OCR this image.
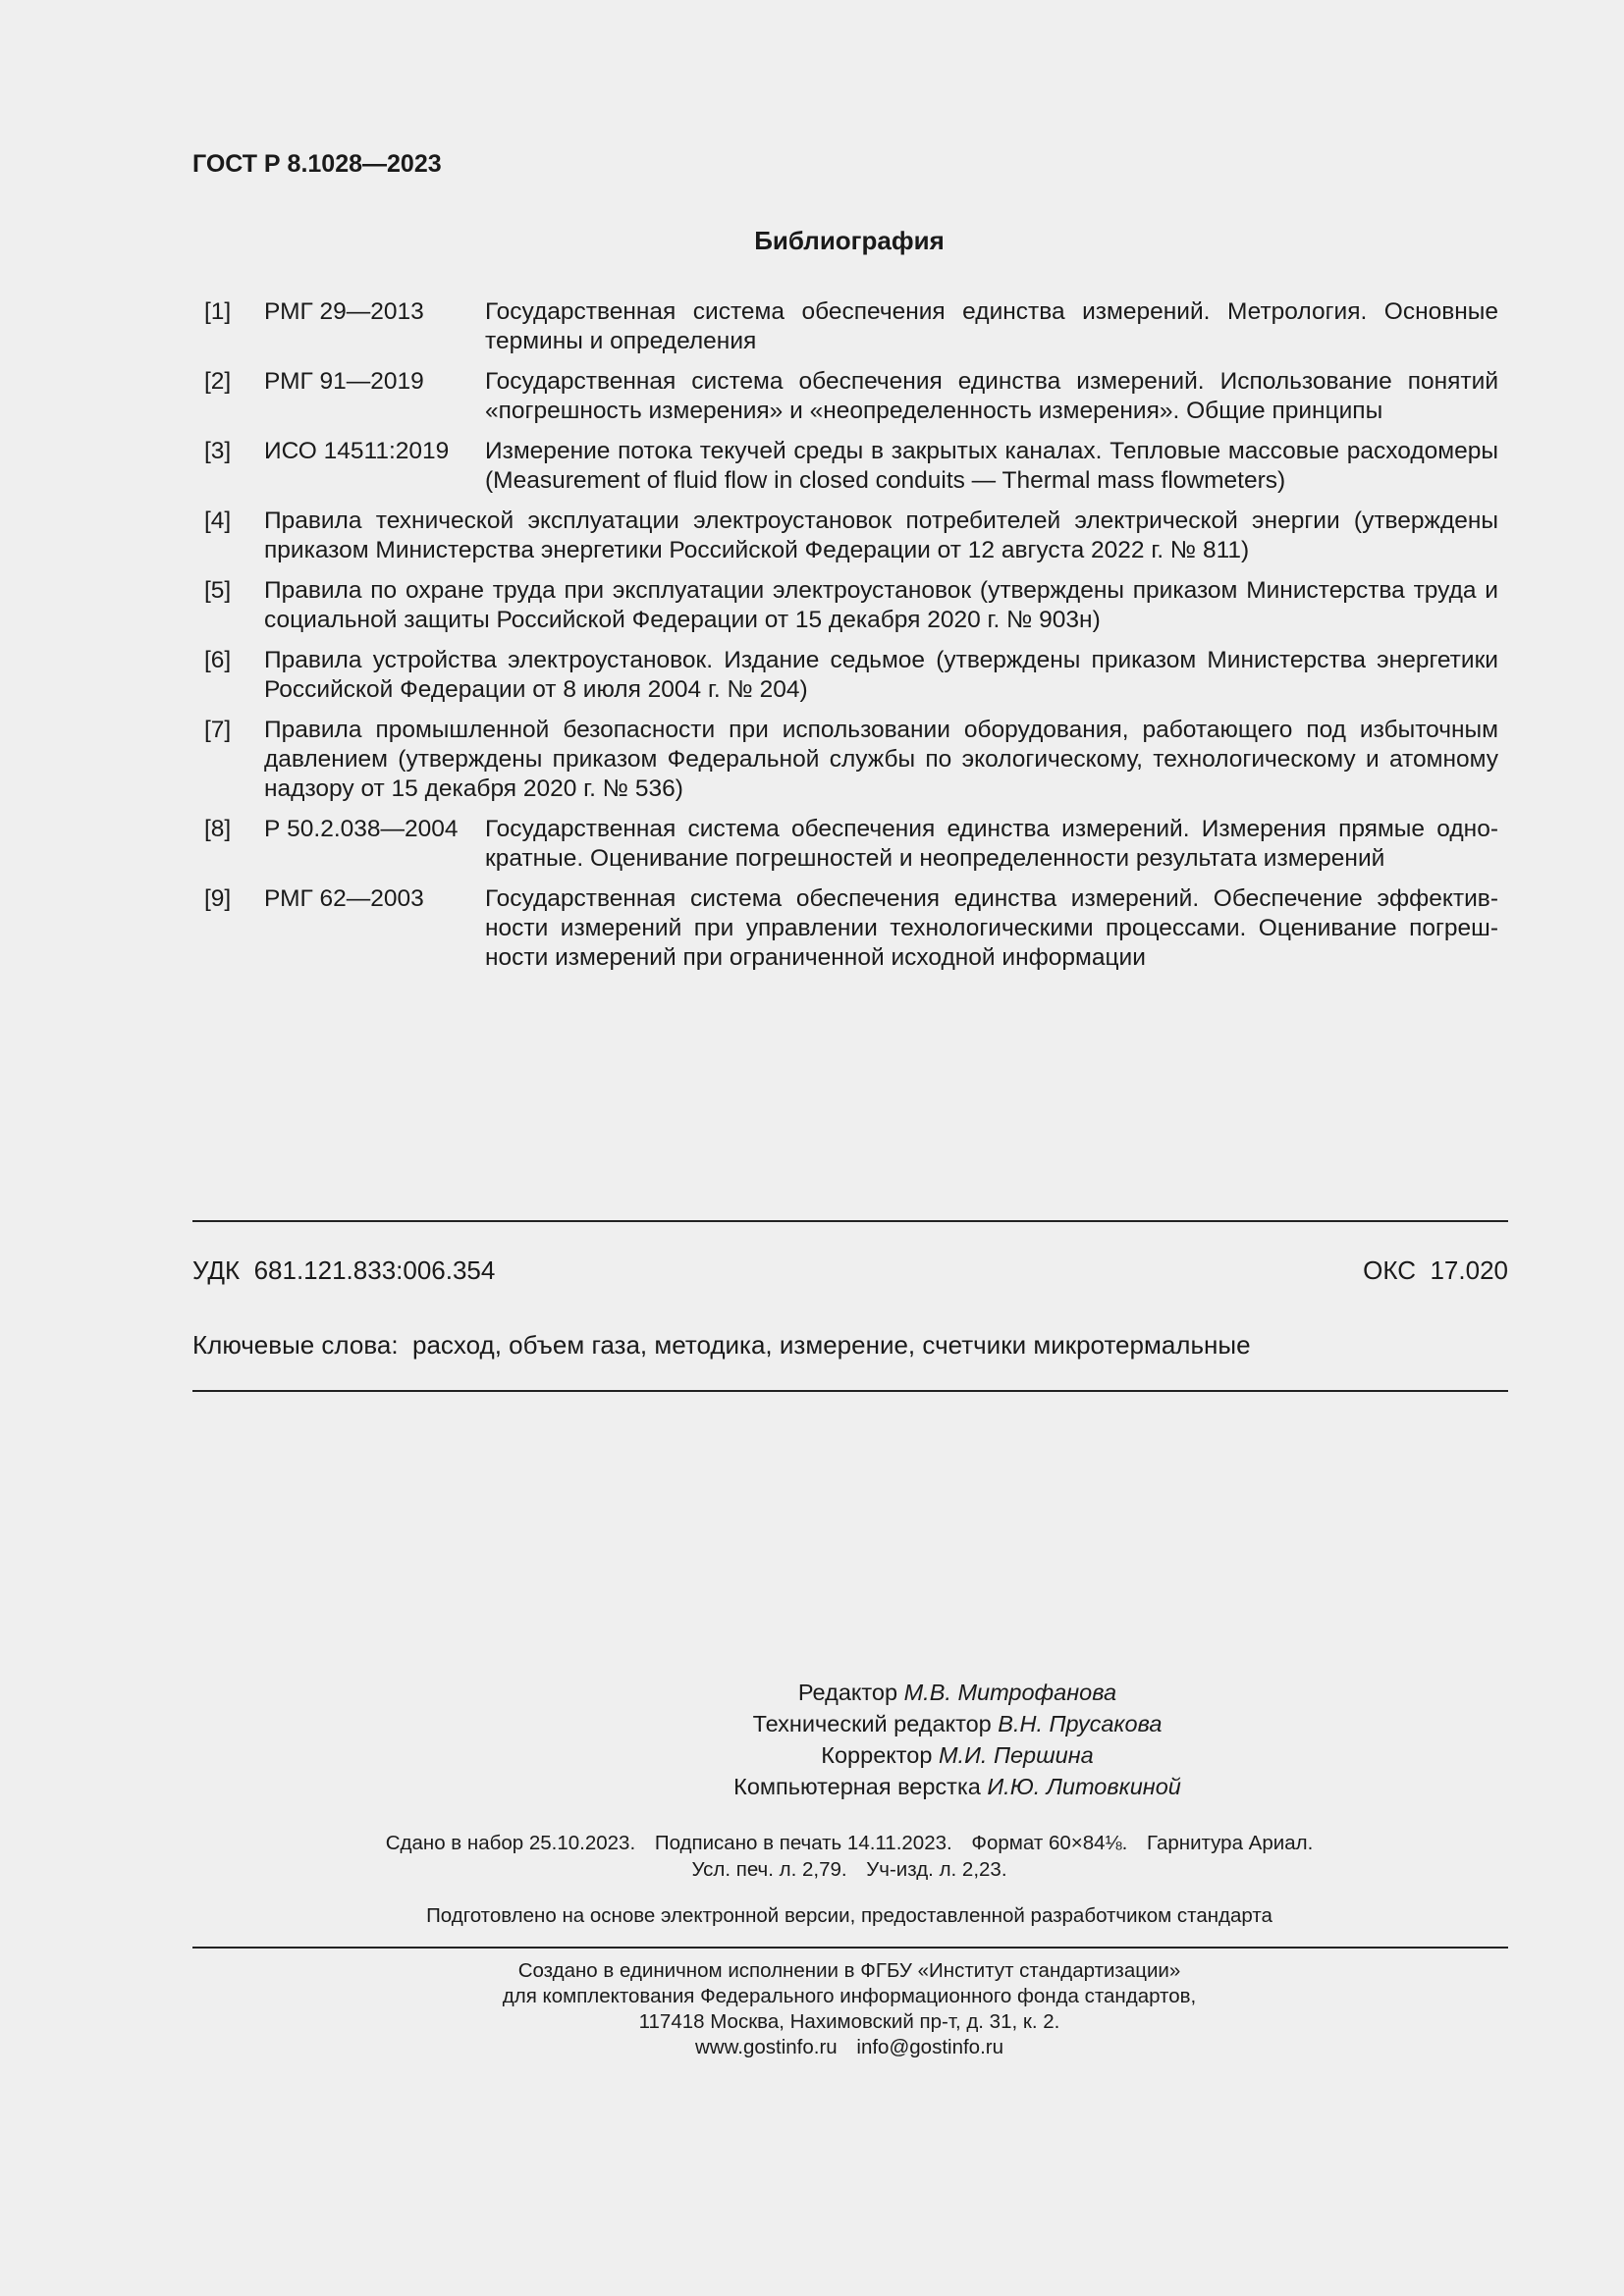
ГОСТ Р 8.1028—2023
Библиография
[1] РМГ 29—2013	Государственная система обеспечения единства измерений. Метрология. Основные термины и определения
[2] РМГ 91—2019	Государственная система обеспечения единства измерений. Использование понятий «погрешность измерения» и «неопределенность измерения». Общие принципы
[3] ИСО 14511:2019 Измерение потока текучей среды в закрытых каналах. Тепловые массовые расходомеры (Measurement of fluid flow in closed conduits — Thermal mass flowmeters)
[4] Правила технической эксплуатации электроустановок потребителей электрической энергии (утверждены приказом Министерства энергетики Российской Федерации от 12 августа 2022 г. № 811)
[5] Правила по охране труда при эксплуатации электроустановок (утверждены приказом Министерства труда и социальной защиты Российской Федерации от 15 декабря 2020 г. № 903н)
[6] Правила устройства электроустановок. Издание седьмое (утверждены приказом Министерства энергетики Российской Федерации от 8 июля 2004 г. № 204)
[7] Правила промышленной безопасности при использовании оборудования, работающего под избыточным давлением (утверждены приказом Федеральной службы по экологическому, технологическому и атомному надзору от 15 декабря 2020 г. № 536)
[8] Р 50.2.038—2004 Государственная система обеспечения единства измерений. Измерения прямые однократные. Оценивание погрешностей и неопределенности результата измерений
[9] РМГ 62—2003	Государственная система обеспечения единства измерений. Обеспечение эффективности измерений при управлении технологическими процессами. Оценивание погрешности измерений при ограниченной исходной информации
УДК 681.121.833:006.354	ОКС 17.020
Ключевые слова: расход, объем газа, методика, измерение, счетчики микротермальные
Редактор М.В. Митрофанова
Технический редактор В.Н. Прусакова
Корректор М.И. Першина
Компьютерная верстка И.Ю. Литовкиной
Сдано в набор 25.10.2023. Подписано в печать 14.11.2023. Формат 60×84⅛. Гарнитура Ариал.
Усл. печ. л. 2,79. Уч-изд. л. 2,23.
Подготовлено на основе электронной версии, предоставленной разработчиком стандарта
Создано в единичном исполнении в ФГБУ «Институт стандартизации»
для комплектования Федерального информационного фонда стандартов,
117418 Москва, Нахимовский пр-т, д. 31, к. 2.
www.gostinfo.ru info@gostinfo.ru
